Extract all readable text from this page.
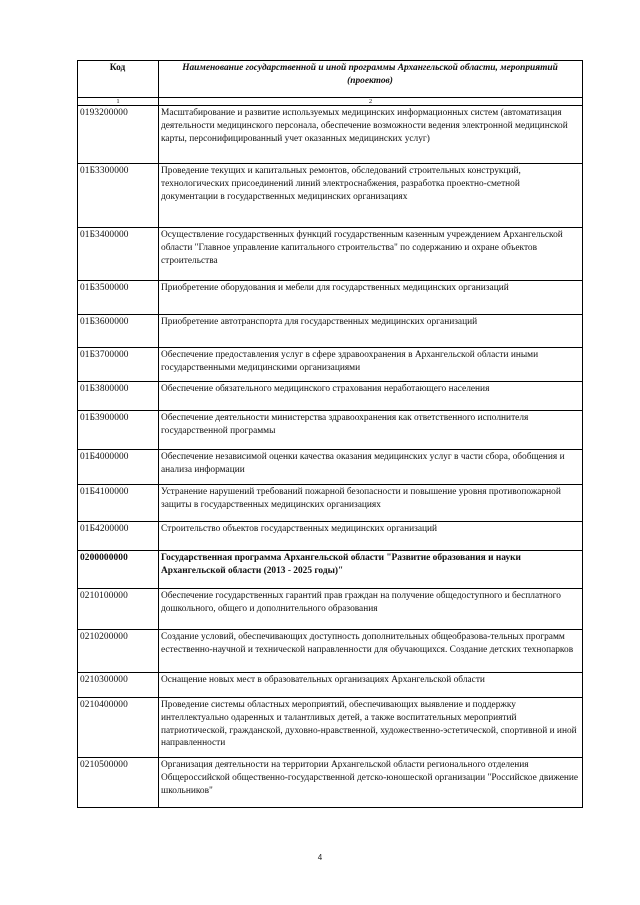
Код	Наименование государственной и иной программы Архангельской области, мероприятий (проектов)
1	2
0193200000	Масштабирование и развитие используемых медицинских информационных систем (автоматизация деятельности медицинского персонала, обеспечение возможности ведения электронной медицинской карты, персонифицированный учет оказанных медицинских услуг)
01Б3300000	Проведение текущих и капитальных ремонтов, обследований строительных конструкций, технологических присоединений линий электроснабжения, разработка проектно-сметной документации в государственных медицинских организациях
01Б3400000	Осуществление государственных функций государственным казенным учреждением Архангельской области "Главное управление капитального строительства" по содержанию и охране объектов строительства
01Б3500000	Приобретение оборудования и мебели для государственных медицинских организаций
01Б3600000	Приобретение автотранспорта для государственных медицинских организаций
01Б3700000	Обеспечение предоставления услуг в сфере здравоохранения в Архангельской области иными государственными медицинскими организациями
01Б3800000	Обеспечение обязательного медицинского страхования неработающего населения
01Б3900000	Обеспечение деятельности министерства здравоохранения как ответственного исполнителя государственной программы
01Б4000000	Обеспечение независимой оценки качества оказания медицинских услуг в части сбора, обобщения и анализа информации
01Б4100000	Устранение нарушений требований пожарной безопасности и повышение уровня противопожарной защиты в государственных медицинских организациях
01Б4200000	Строительство объектов государственных медицинских организаций
0200000000	Государственная программа Архангельской области "Развитие образования и науки Архангельской области (2013 - 2025 годы)"
0210100000	Обеспечение государственных гарантий прав граждан на получение общедоступного и бесплатного дошкольного, общего и дополнительного образования
0210200000	Создание условий, обеспечивающих доступность дополнительных общеобразова-тельных программ естественно-научной и технической направленности для обучающихся. Создание детских технопарков
0210300000	Оснащение новых мест в образовательных организациях Архангельской области
0210400000	Проведение системы областных мероприятий, обеспечивающих выявление и поддержку интеллектуально одаренных и талантливых детей, а также воспитательных мероприятий патриотической, гражданской, духовно-нравственной, художественно-эстетической, спортивной и иной направленности
0210500000	Организация деятельности на территории Архангельской области регионального отделения Общероссийской общественно-государственной детско-юношеской организации "Российское движение школьников"
4
